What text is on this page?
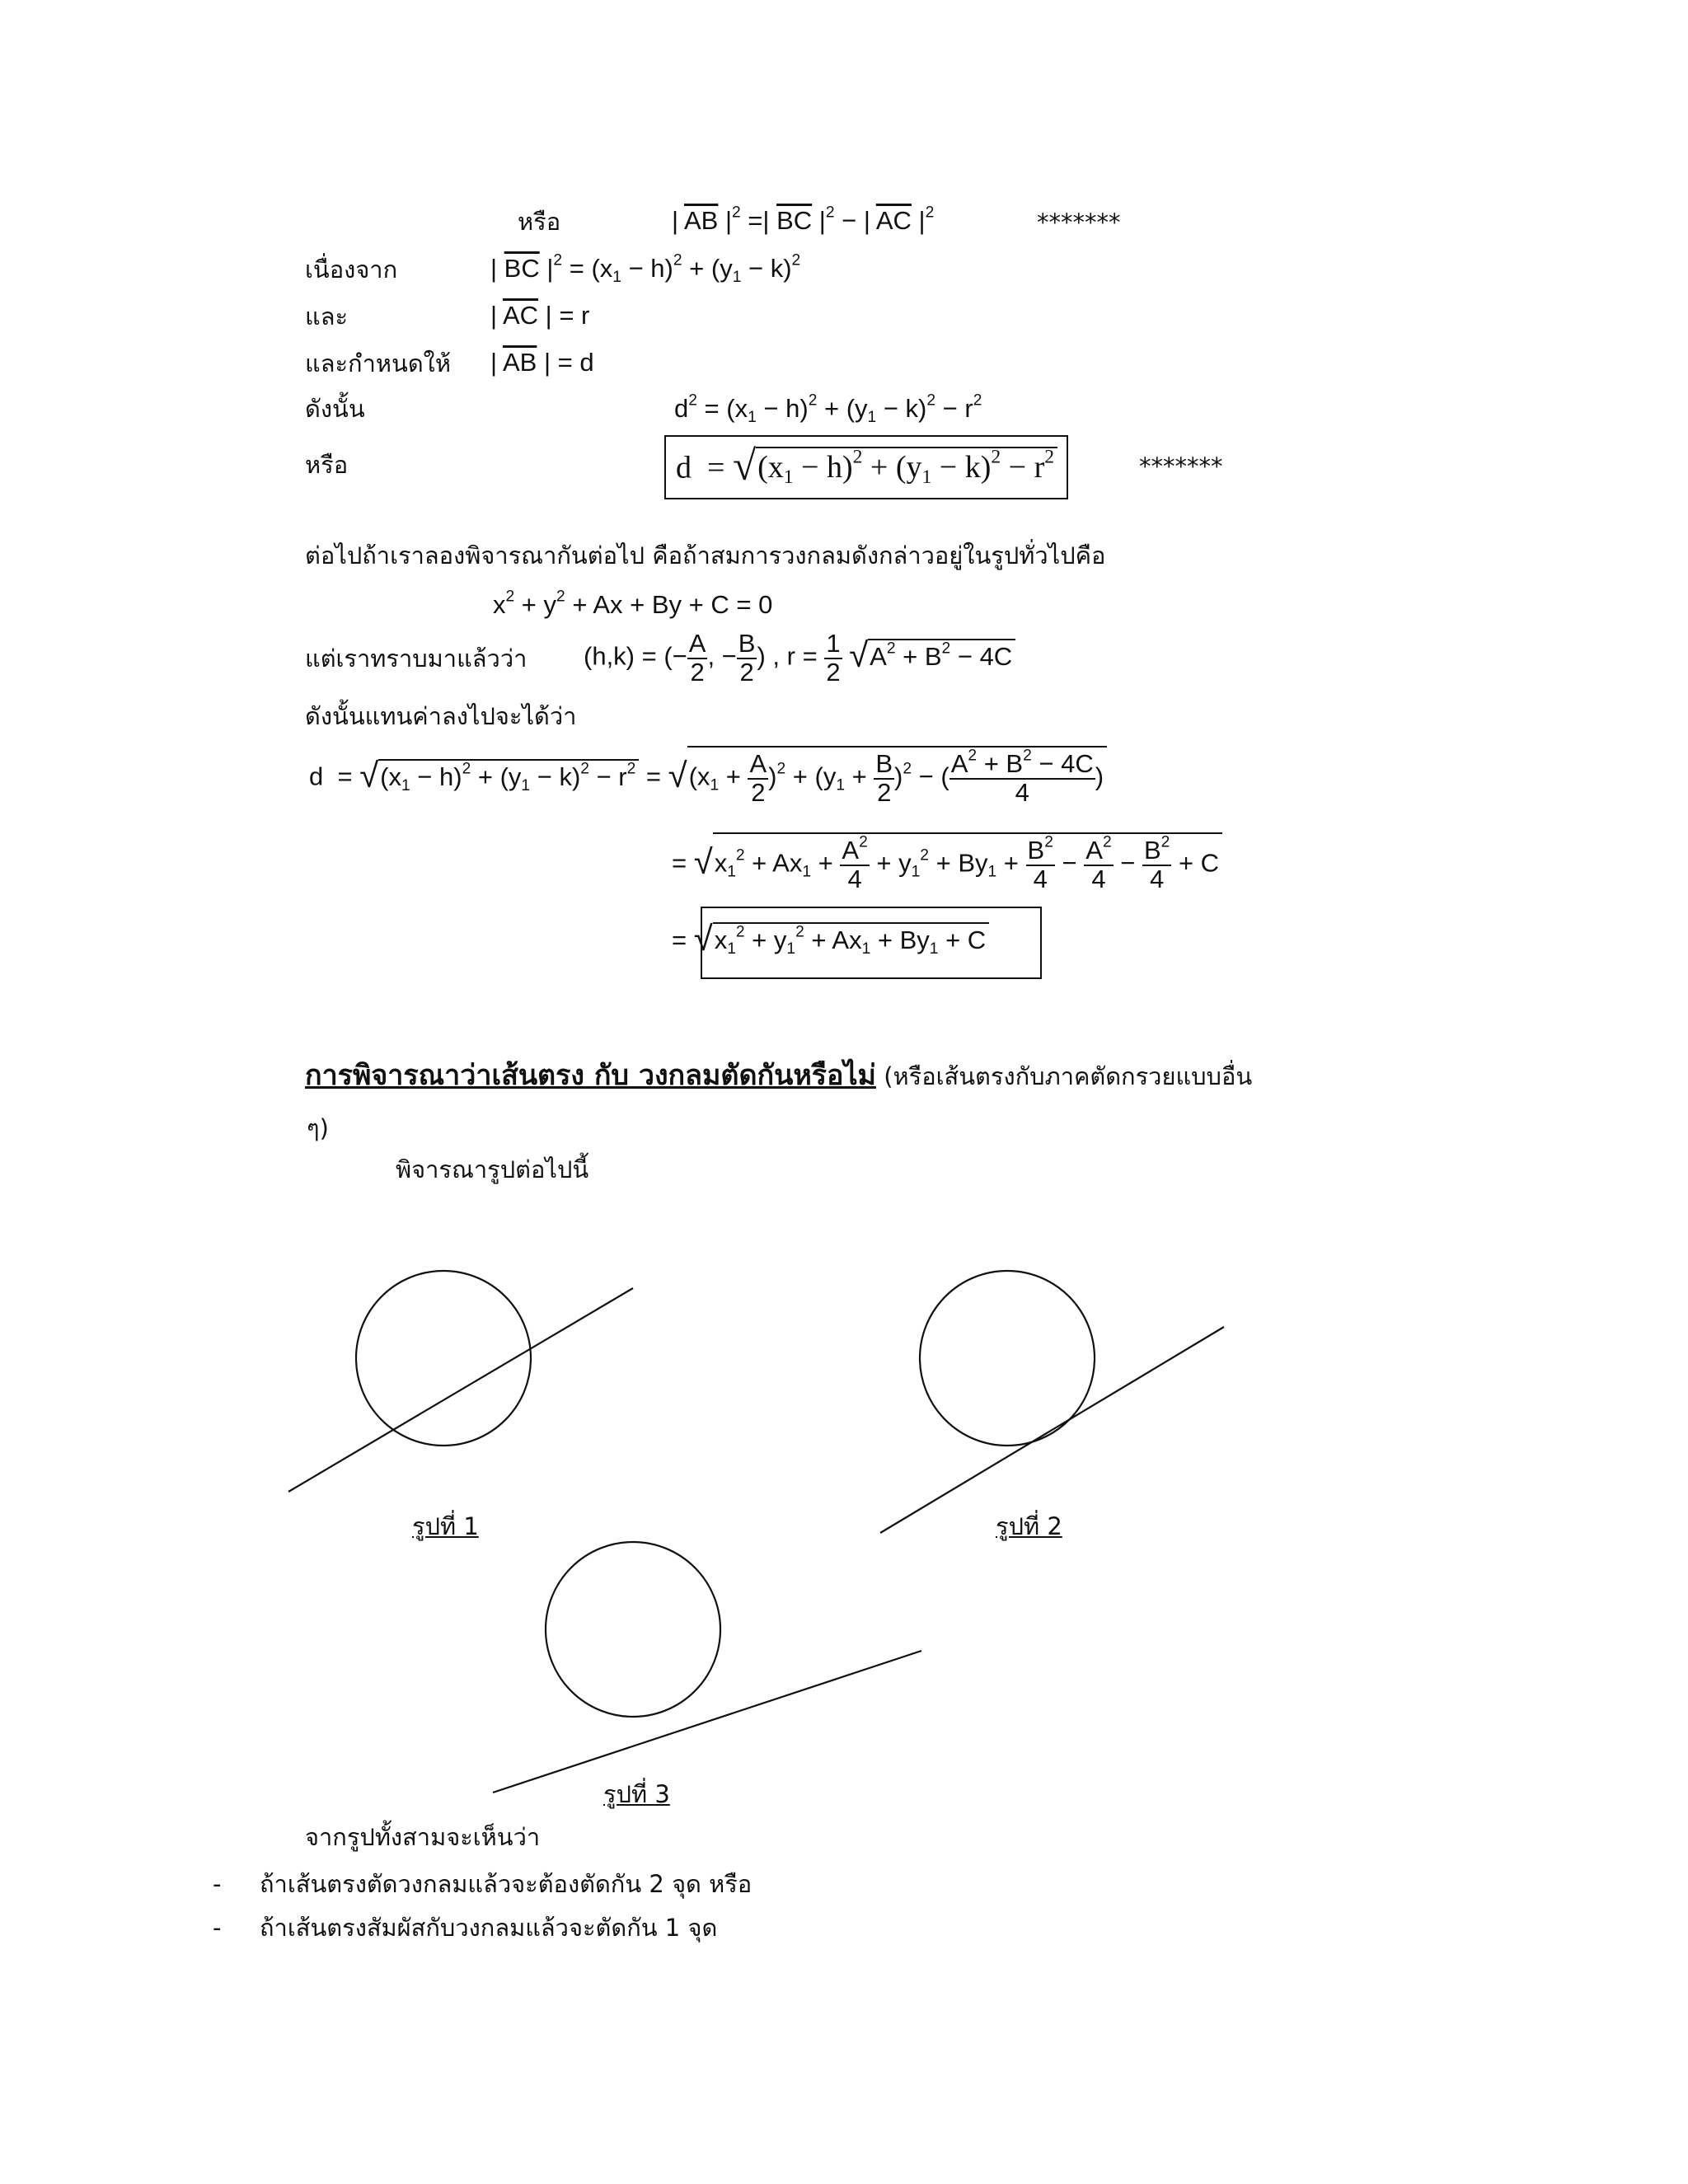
หรือ	| $\overline{AB}$ $|^2$ =| $\overline{BC}$ $|^2$ − | $\overline{AC}$ $|^2$	*******
เนื่องจาก	| $\overline{BC}$ $|^2 = (x_1 - h)^2 + (y_1 - k)^2$
และ	| $\overline{AC}$ | = r
และกำหนดให้ | $\overline{AB}$ | = d
ดังนั้น	$d^2 = (x_1 - h)^2 + (y_1 - k)^2 - r^2$
หรือ	$d = √(x_1 - h)^2 + (y_1 - k)^2 - r^2$	*******
ต่อไปถ้าเราลองพิจารณากันต่อไป คือถ้าสมการวงกลมดังกล่าวอยู่ในรูปทั่วไปคือ
$x^2 + y^2 + Ax + By + C = 0$
แต่เราทราบมาแล้วว่า (h,k) = (− $\frac{A}{2}$ , − $\frac{B}{2}$ ) , $r = \frac{1}{2} √A^2 + B^2 - 4C$
ดังนั้นแทนค่าลงไปจะได้ว่า
$d = √(x_1 - h)^2 + (y_1 - k)^2 - r^2 = √(x_1 + \frac{A}{2} )^2 + (y_1 + \frac{B}{2} )^2$ − ( $\frac{A^2 + B^2 - 4C}{4}$ )
= $√x_1^2 + Ax_1 + \frac{A^2}{4} + y_1^2 + By_1 + \frac{B^2}{4} - \frac{A^2}{4} - \frac{B^2}{4} + C$
= $√x_1^2 + y_1^2 + Ax_1 + By_1 + C$
การพิจารณาว่าเส้นตรง กับ วงกลมตัดกันหรือไม่ (หรือเส้นตรงกับภาคตัดกรวยแบบอื่น
ๆ)
พิจารณารูปต่อไปนี้
รูปที่ 1	รูปที่ 2
รูปที่ 3
จากรูปทั้งสามจะเห็นว่า
- ถ้าเส้นตรงตัดวงกลมแล้วจะต้องตัดกัน 2 จุด หรือ
- ถ้าเส้นตรงสัมผัสกับวงกลมแล้วจะตัดกัน 1 จุด
